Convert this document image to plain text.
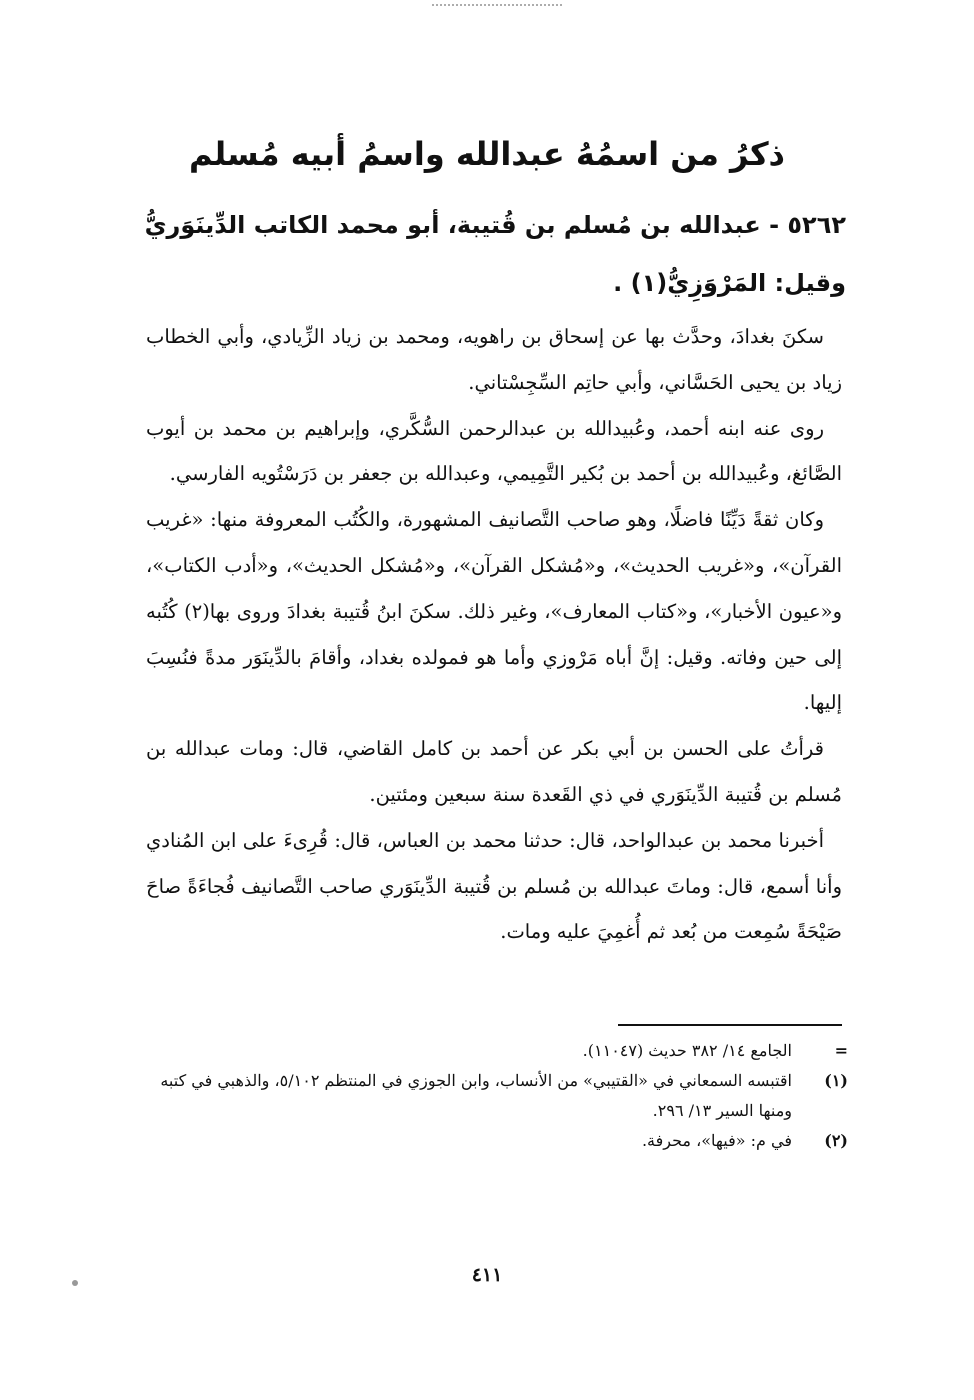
ذكرُ من اسمُهُ عبدالله واسمُ أبيه مُسلم
٥٢٦٢ - عبدالله بن مُسلم بن قُتيبة، أبو محمد الكاتب الدِّينَوَريُّ
وقيل: المَرْوَزِيُّ(١) .

سكنَ بغدادَ، وحدَّث بها عن إسحاق بن راهويه، ومحمد بن زياد الزِّيادي، وأبي الخطاب زياد بن يحيى الحَسَّاني، وأبي حاتِم السِّجِسْتاني.

روى عنه ابنه أحمد، وعُبيدالله بن عبدالرحمن السُّكَّري، وإبراهيم بن محمد بن أيوب الصَّائغ، وعُبيدالله بن أحمد بن بُكير التَّمِيمي، وعبدالله بن جعفر بن دَرَسْتُويه الفارسي.

وكان ثقةً دَيِّنًا فاضلًا، وهو صاحب التَّصانيف المشهورة، والكُتُب المعروفة منها: «غريب القرآن»، و«غريب الحديث»، و«مُشكل القرآن»، و«مُشكل الحديث»، و«أدب الكتاب»، و«عيون الأخبار»، و«كتاب المعارف»، وغير ذلك. سكنَ ابنُ قُتيبة بغدادَ وروى بها(٢) كُتُبه إلى حين وفاته. وقيل: إنَّ أباه مَرْوزي وأما هو فمولده بغداد، وأقامَ بالدِّينَوَر مدةً فنُسِبَ إليها.

قرأتُ على الحسن بن أبي بكر عن أحمد بن كامل القاضي، قال: ومات عبدالله بن مُسلم بن قُتيبة الدِّينَوَري في ذي القَعدة سنة سبعين ومئتين.

أخبرنا محمد بن عبدالواحد، قال: حدثنا محمد بن العباس، قال: قُرِىءَ على ابن المُنادي وأنا أسمع، قال: وماتَ عبدالله بن مُسلم بن قُتيبة الدِّينَوَري صاحب التَّصانيف فُجاءَةً صاحَ صَيْحَةً سُمِعت من بُعد ثم أُغمِيَ عليه ومات.

=
الجامع ١٤/ ٣٨٢ حديث (١١٠٤٧).
(١)
اقتبسه السمعاني في «القتيبي» من الأنساب، وابن الجوزي في المنتظم ٥/١٠٢، والذهبي في كتبه ومنها السير ١٣/ ٢٩٦.
(٢)
في م: «فيها»، محرفة.
٤١١
